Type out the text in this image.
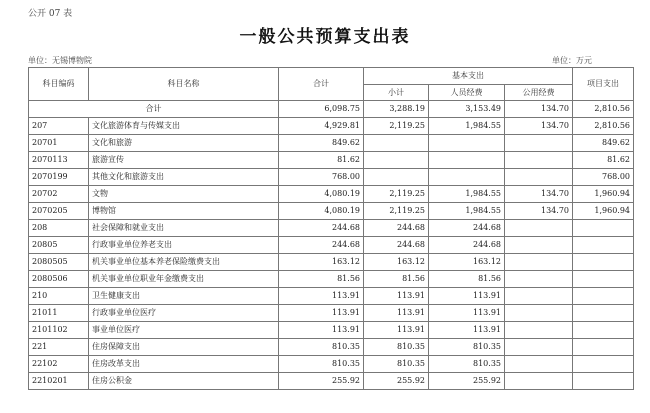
公开 07 表
一般公共预算支出表
单位：无锡博物院	单位：万元
科目编码	科目名称	合计	基本支出			项目支出
			小计	人员经费	公用经费	
合计		6,098.75	3,288.19	3,153.49	134.70	2,810.56
207	文化旅游体育与传媒支出	4,929.81	2,119.25	1,984.55	134.70	2,810.56
20701	文化和旅游	849.62				849.62
2070113	旅游宣传	81.62				81.62
2070199	其他文化和旅游支出	768.00				768.00
20702	文物	4,080.19	2,119.25	1,984.55	134.70	1,960.94
2070205	博物馆	4,080.19	2,119.25	1,984.55	134.70	1,960.94
208	社会保障和就业支出	244.68	244.68	244.68		
20805	行政事业单位养老支出	244.68	244.68	244.68		
2080505	机关事业单位基本养老保险缴费支出	163.12	163.12	163.12		
2080506	机关事业单位职业年金缴费支出	81.56	81.56	81.56		
210	卫生健康支出	113.91	113.91	113.91		
21011	行政事业单位医疗	113.91	113.91	113.91		
2101102	事业单位医疗	113.91	113.91	113.91		
221	住房保障支出	810.35	810.35	810.35		
22102	住房改革支出	810.35	810.35	810.35		
2210201	住房公积金	255.92	255.92	255.92		
